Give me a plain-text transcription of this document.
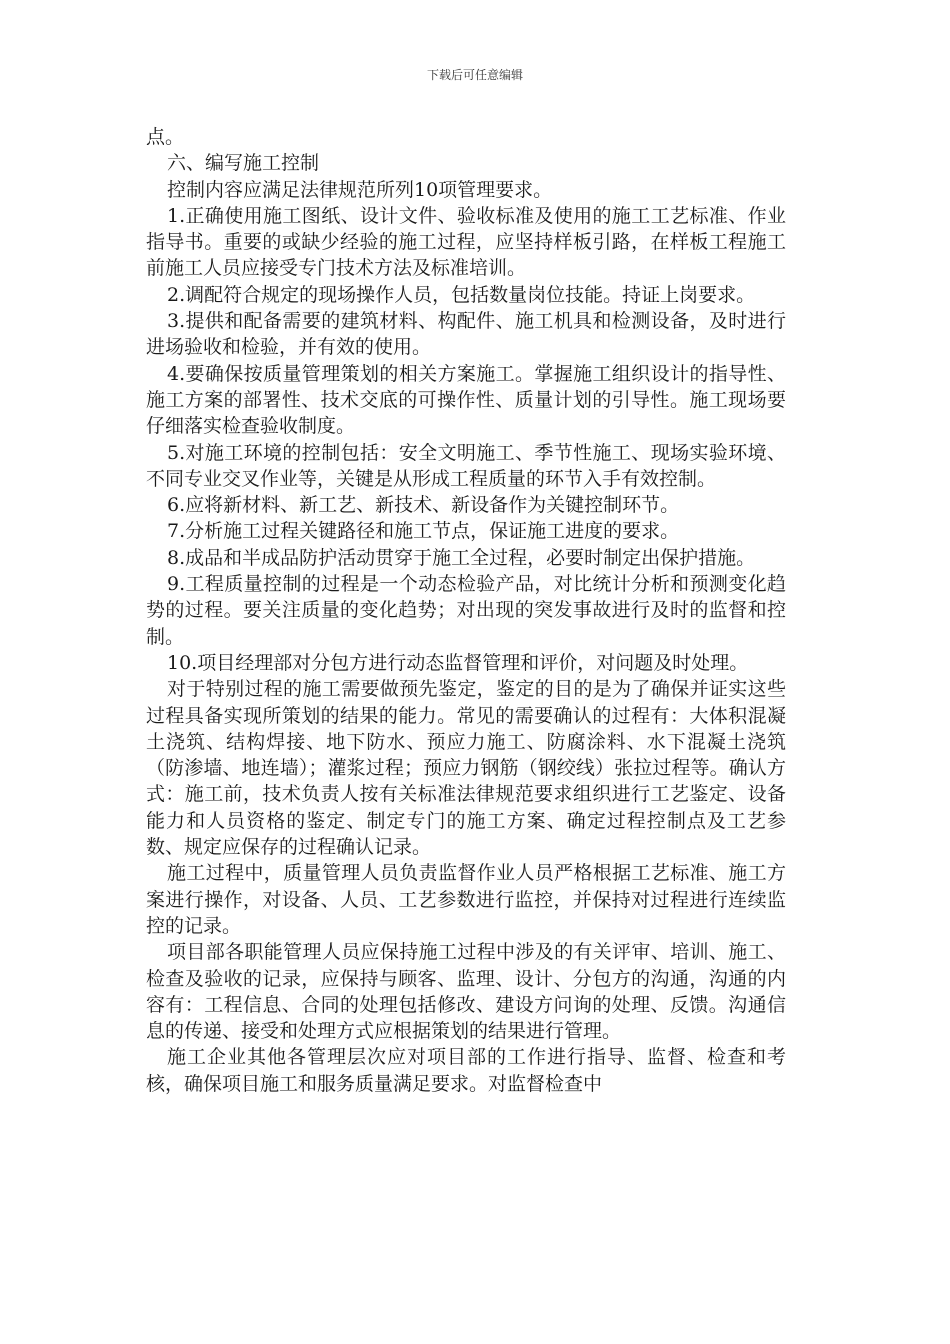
下载后可任意编辑

点。

六、编写施工控制

控制内容应满足法律规范所列10项管理要求。

1.正确使用施工图纸、设计文件、验收标准及使用的施工工艺标准、作业指导书。重要的或缺少经验的施工过程，应坚持样板引路，在样板工程施工前施工人员应接受专门技术方法及标准培训。

2.调配符合规定的现场操作人员，包括数量岗位技能。持证上岗要求。

3.提供和配备需要的建筑材料、构配件、施工机具和检测设备，及时进行进场验收和检验，并有效的使用。

4.要确保按质量管理策划的相关方案施工。掌握施工组织设计的指导性、施工方案的部署性、技术交底的可操作性、质量计划的引导性。施工现场要仔细落实检查验收制度。

5.对施工环境的控制包括：安全文明施工、季节性施工、现场实验环境、不同专业交叉作业等，关键是从形成工程质量的环节入手有效控制。

6.应将新材料、新工艺、新技术、新设备作为关键控制环节。

7.分析施工过程关键路径和施工节点，保证施工进度的要求。

8.成品和半成品防护活动贯穿于施工全过程，必要时制定出保护措施。

9.工程质量控制的过程是一个动态检验产品，对比统计分析和预测变化趋势的过程。要关注质量的变化趋势；对出现的突发事故进行及时的监督和控制。

10.项目经理部对分包方进行动态监督管理和评价，对问题及时处理。

对于特别过程的施工需要做预先鉴定，鉴定的目的是为了确保并证实这些过程具备实现所策划的结果的能力。常见的需要确认的过程有：大体积混凝土浇筑、结构焊接、地下防水、预应力施工、防腐涂料、水下混凝土浇筑（防渗墙、地连墙）；灌浆过程；预应力钢筋（钢绞线）张拉过程等。确认方式：施工前，技术负责人按有关标准法律规范要求组织进行工艺鉴定、设备能力和人员资格的鉴定、制定专门的施工方案、确定过程控制点及工艺参数、规定应保存的过程确认记录。

施工过程中，质量管理人员负责监督作业人员严格根据工艺标准、施工方案进行操作，对设备、人员、工艺参数进行监控，并保持对过程进行连续监控的记录。

项目部各职能管理人员应保持施工过程中涉及的有关评审、培训、施工、检查及验收的记录，应保持与顾客、监理、设计、分包方的沟通，沟通的内容有：工程信息、合同的处理包括修改、建设方问询的处理、反馈。沟通信息的传递、接受和处理方式应根据策划的结果进行管理。

施工企业其他各管理层次应对项目部的工作进行指导、监督、检查和考核，确保项目施工和服务质量满足要求。对监督检查中
